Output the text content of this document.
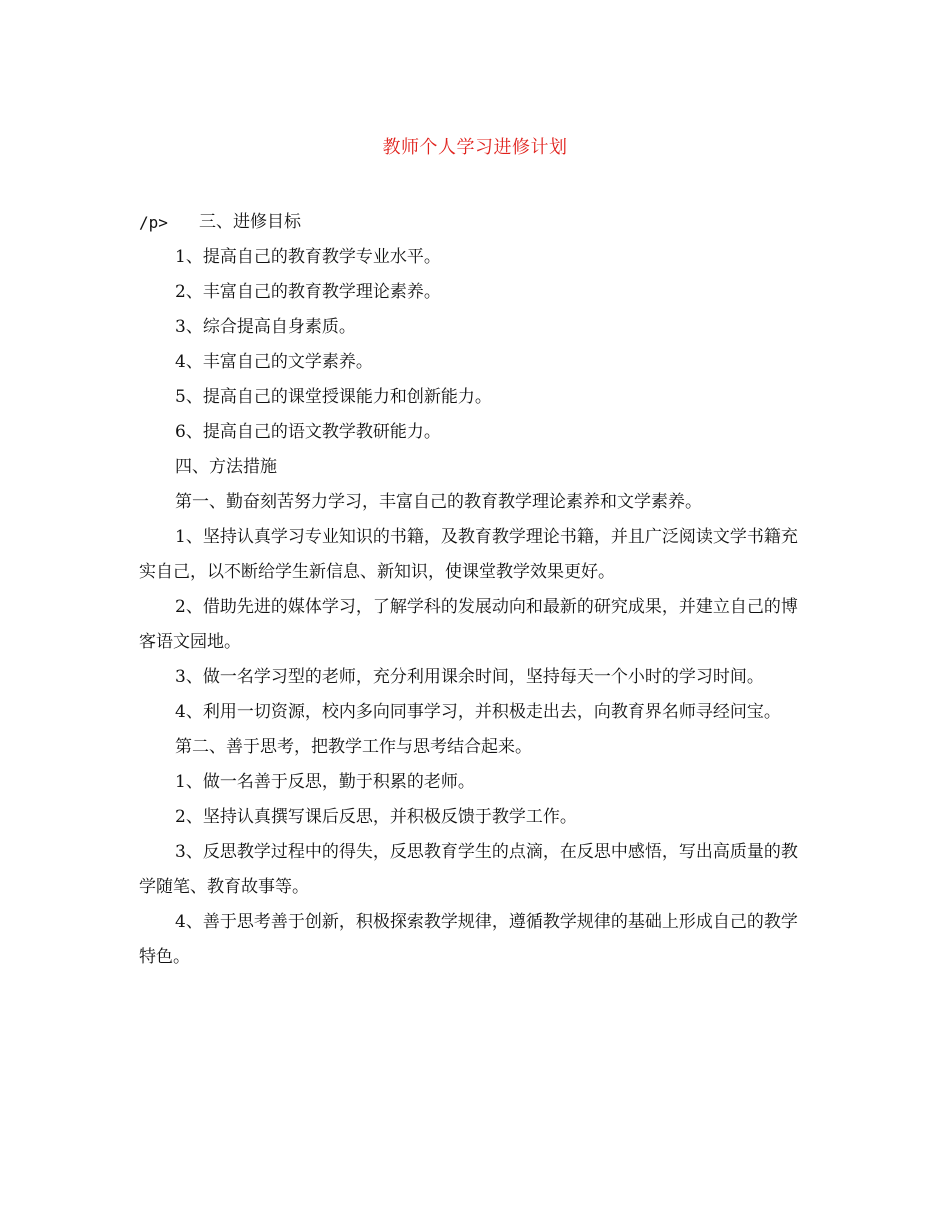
教师个人学习进修计划

/p>	三、进修目标

1、提高自己的教育教学专业水平。

2、丰富自己的教育教学理论素养。

3、综合提高自身素质。

4、丰富自己的文学素养。

5、提高自己的课堂授课能力和创新能力。

6、提高自己的语文教学教研能力。

四、方法措施

第一、勤奋刻苦努力学习，丰富自己的教育教学理论素养和文学素养。

1、坚持认真学习专业知识的书籍，及教育教学理论书籍，并且广泛阅读文学书籍充实自己，以不断给学生新信息、新知识，使课堂教学效果更好。

2、借助先进的媒体学习，了解学科的发展动向和最新的研究成果，并建立自己的博客语文园地。

3、做一名学习型的老师，充分利用课余时间，坚持每天一个小时的学习时间。

4、利用一切资源，校内多向同事学习，并积极走出去，向教育界名师寻经问宝。

第二、善于思考，把教学工作与思考结合起来。

1、做一名善于反思，勤于积累的老师。

2、坚持认真撰写课后反思，并积极反馈于教学工作。

3、反思教学过程中的得失，反思教育学生的点滴，在反思中感悟，写出高质量的教学随笔、教育故事等。

4、善于思考善于创新，积极探索教学规律，遵循教学规律的基础上形成自己的教学特色。
